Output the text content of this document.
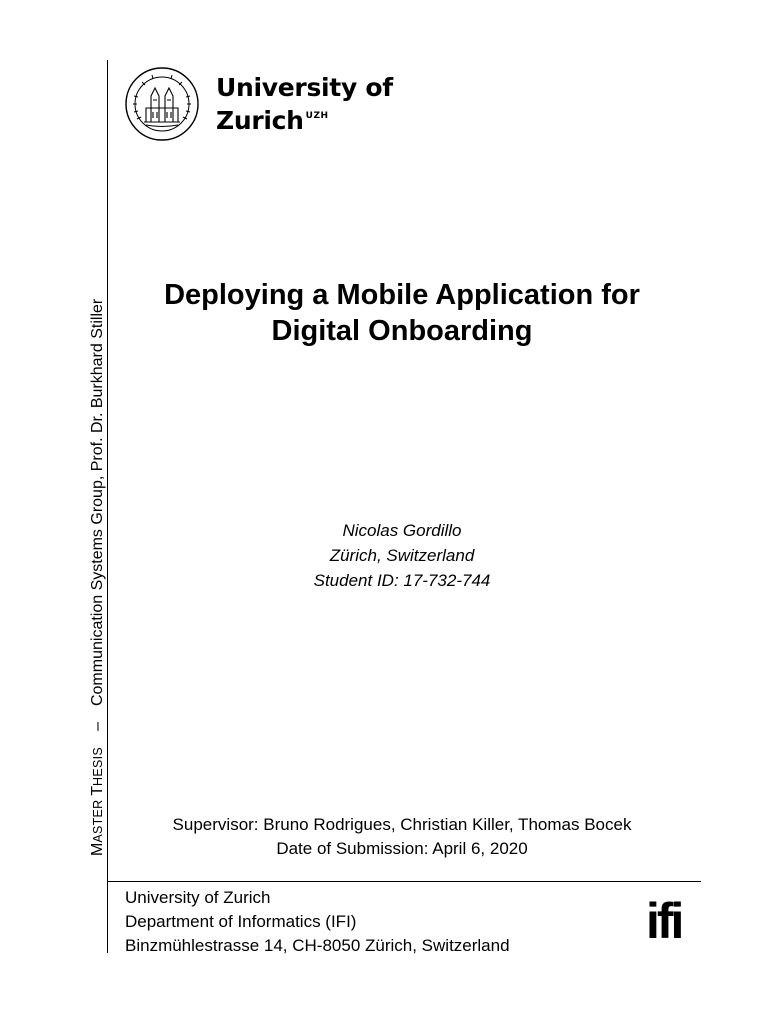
MASTER THESIS–Communication Systems Group, Prof. Dr. Burkhard Stiller
University of
Zurich $^{UZH}$
Deploying a Mobile Application for
Digital Onboarding
Nicolas Gordillo
Zürich, Switzerland
Student ID: 17-732-744
Supervisor: Bruno Rodrigues, Christian Killer, Thomas Bocek
Date of Submission: April 6, 2020
University of Zurich
Department of Informatics (IFI)
Binzmühlestrasse 14, CH-8050 Zürich, Switzerland	ifi
